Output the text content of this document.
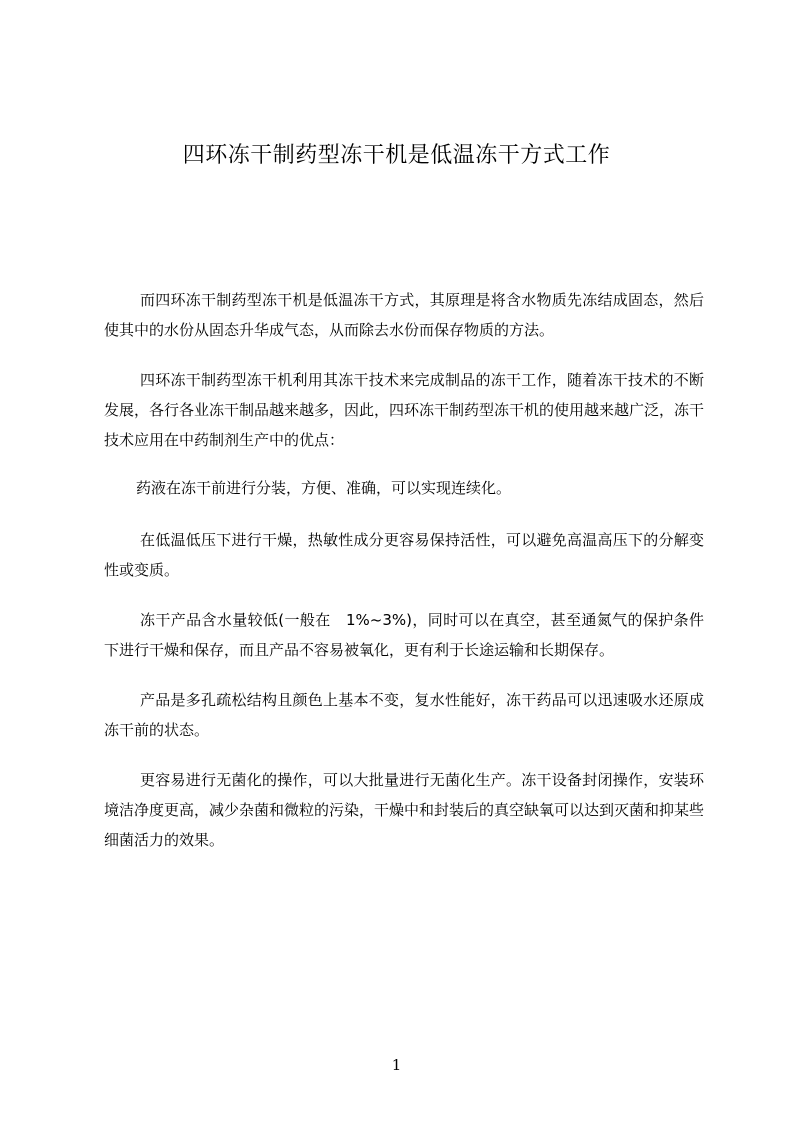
四环冻干制药型冻干机是低温冻干方式工作

而四环冻干制药型冻干机是低温冻干方式，其原理是将含水物质先冻结成固态，然后使其中的水份从固态升华成气态，从而除去水份而保存物质的方法。

四环冻干制药型冻干机利用其冻干技术来完成制品的冻干工作，随着冻干技术的不断发展，各行各业冻干制品越来越多，因此，四环冻干制药型冻干机的使用越来越广泛，冻干技术应用在中药制剂生产中的优点：

药液在冻干前进行分装，方便、准确，可以实现连续化。

在低温低压下进行干燥，热敏性成分更容易保持活性，可以避免高温高压下的分解变性或变质。

冻干产品含水量较低(一般在　1%~3%)，同时可以在真空，甚至通氮气的保护条件下进行干燥和保存，而且产品不容易被氧化，更有利于长途运输和长期保存。

产品是多孔疏松结构且颜色上基本不变，复水性能好，冻干药品可以迅速吸水还原成冻干前的状态。

更容易进行无菌化的操作，可以大批量进行无菌化生产。冻干设备封闭操作，安装环境洁净度更高，减少杂菌和微粒的污染，干燥中和封装后的真空缺氧可以达到灭菌和抑某些细菌活力的效果。

1
